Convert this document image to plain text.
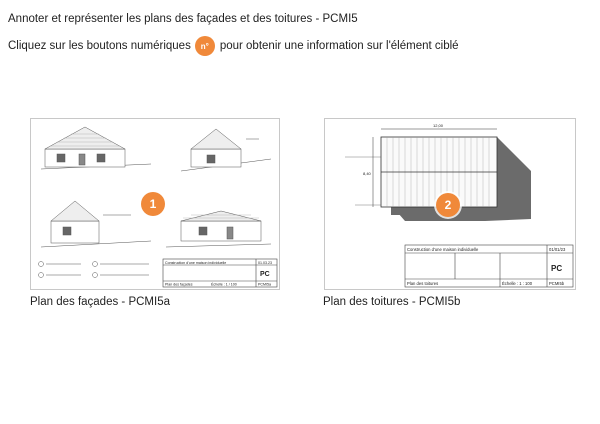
Annoter et représenter les plans des façades et des toitures - PCMI5
Cliquez sur les boutons numériques	n° pour obtenir une information sur l'élément ciblé
Construction d'une maison individuelle	01.03.23
PC
Plan des façades	Échelle : 1 / 100	PCMI5a
12,00
8,40
Construction d'une maison individuelle	01/01/23
PC
Plan des toitures	Échelle : 1 : 100	PCMI5b
1	2
Plan des façades - PCMI5a	Plan des toitures - PCMI5b
